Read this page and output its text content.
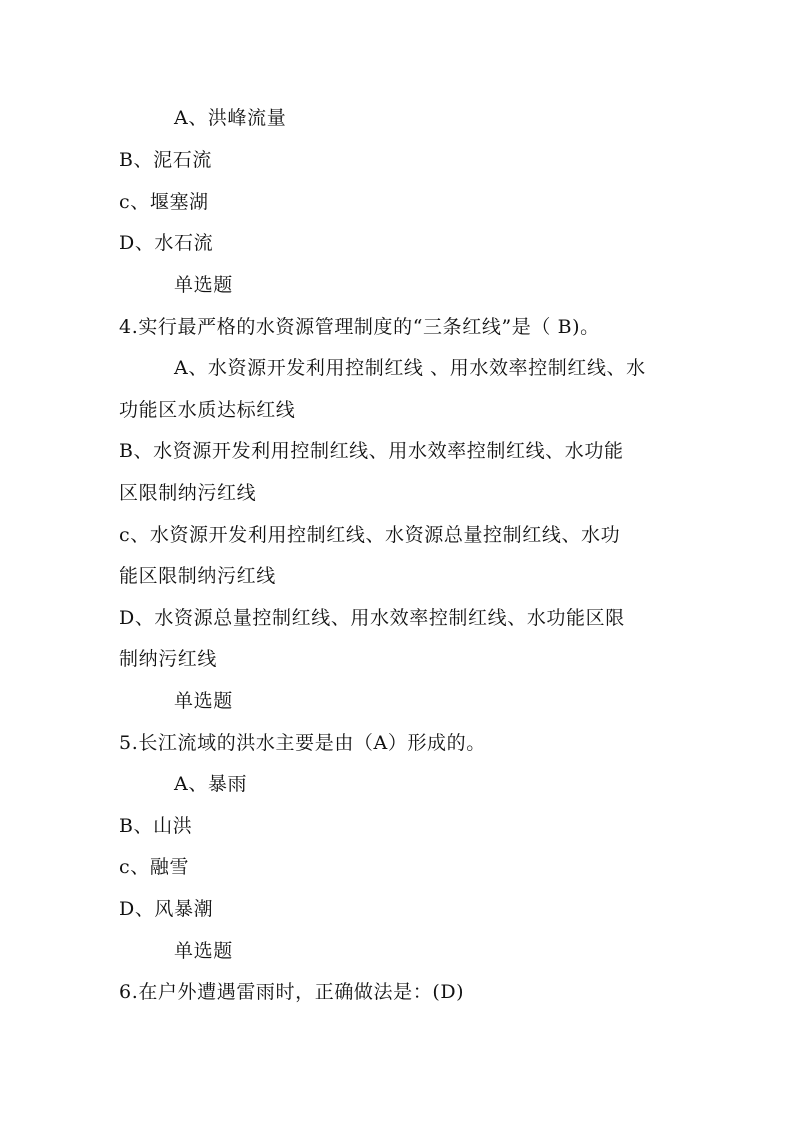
A、洪峰流量
B、泥石流
c、堰塞湖
D、水石流
单选题
4.实行最严格的水资源管理制度的“三条红线”是（ B)。
A、水资源开发利用控制红线 、用水效率控制红线、水
功能区水质达标红线
B、水资源开发利用控制红线、用水效率控制红线、水功能
区限制纳污红线
c、水资源开发利用控制红线、水资源总量控制红线、水功
能区限制纳污红线
D、水资源总量控制红线、用水效率控制红线、水功能区限
制纳污红线
单选题
5.长江流域的洪水主要是由（A）形成的。
A、暴雨
B、山洪
c、融雪
D、风暴潮
单选题
6.在户外遭遇雷雨时，正确做法是：(D)
